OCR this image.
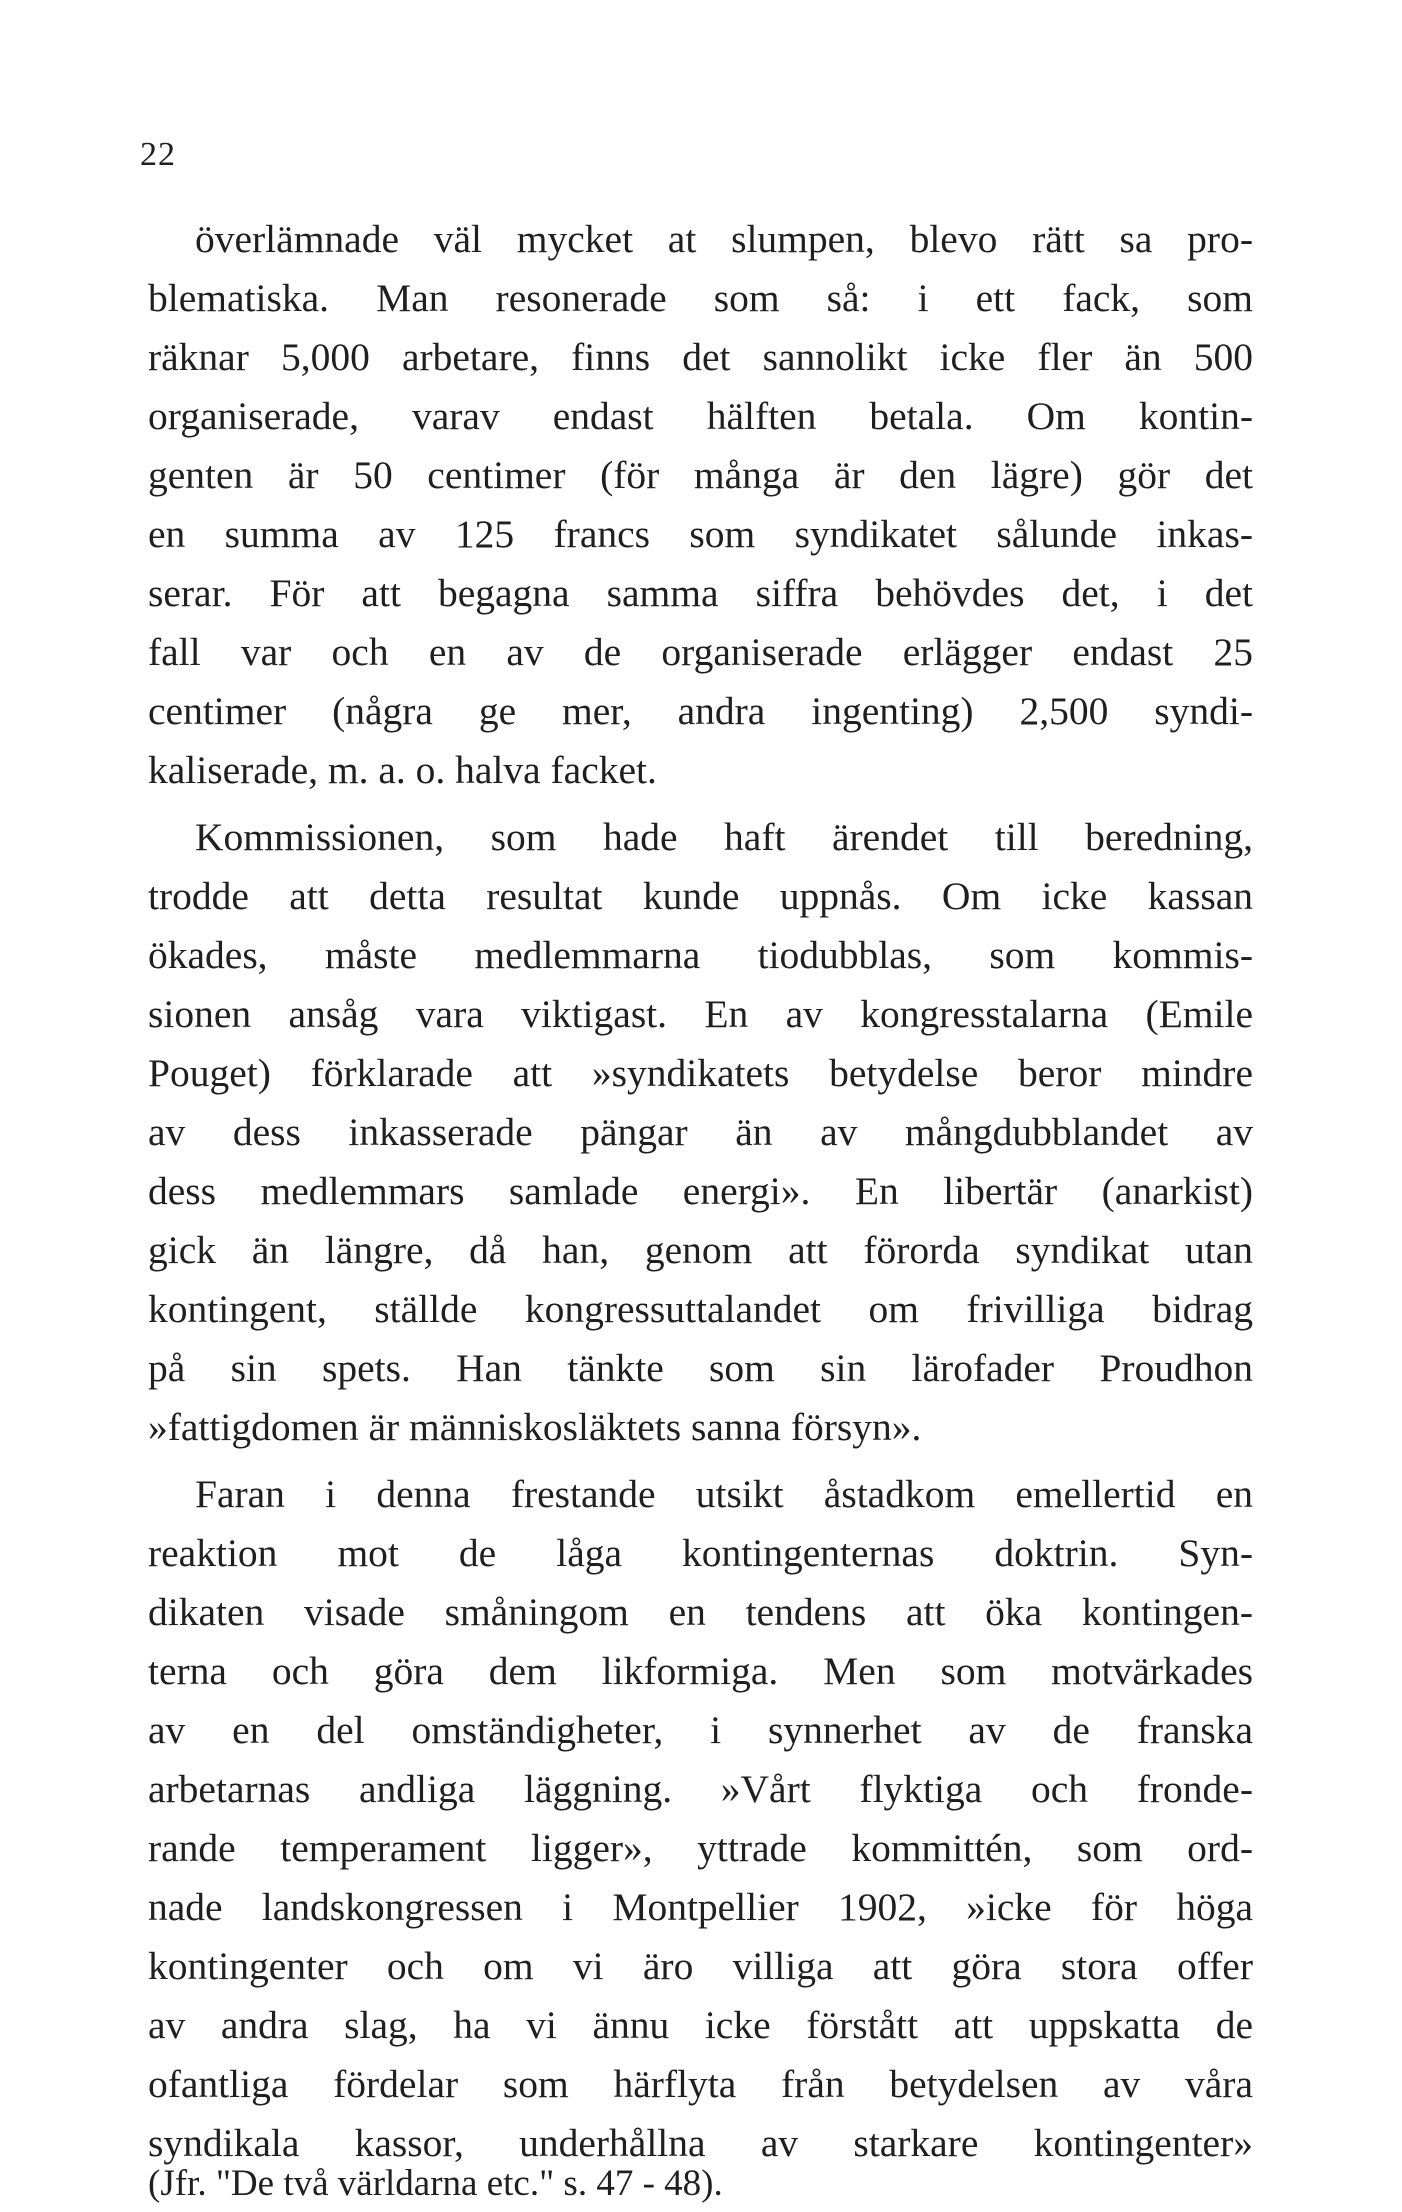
22
överlämnade väl mycket at slumpen, blevo rätt sa pro-
blematiska. Man resonerade som så: i ett fack, som
räknar 5,000 arbetare, finns det sannolikt icke fler än 500
organiserade, varav endast hälften betala. Om kontin-
genten är 50 centimer (för många är den lägre) gör det
en summa av 125 francs som syndikatet sålunde inkas-
serar. För att begagna samma siffra behövdes det, i det
fall var och en av de organiserade erlägger endast 25
centimer (några ge mer, andra ingenting) 2,500 syndi-
kaliserade, m. a. o. halva facket.
Kommissionen, som hade haft ärendet till beredning,
trodde att detta resultat kunde uppnås. Om icke kassan
ökades, måste medlemmarna tiodubblas, som kommis-
sionen ansåg vara viktigast. En av kongresstalarna (Emile
Pouget) förklarade att »syndikatets betydelse beror mindre
av dess inkasserade pängar än av mångdubblandet av
dess medlemmars samlade energi». En libertär (anarkist)
gick än längre, då han, genom att förorda syndikat utan
kontingent, ställde kongressuttalandet om frivilliga bidrag
på sin spets. Han tänkte som sin lärofader Proudhon
»fattigdomen är människosläktets sanna försyn».
Faran i denna frestande utsikt åstadkom emellertid en
reaktion mot de låga kontingenternas doktrin. Syn-
dikaten visade småningom en tendens att öka kontingen-
terna och göra dem likformiga. Men som motvärkades
av en del omständigheter, i synnerhet av de franska
arbetarnas andliga läggning. »Vårt flyktiga och fronde-
rande temperament ligger», yttrade kommittén, som ord-
nade landskongressen i Montpellier 1902, »icke för höga
kontingenter och om vi äro villiga att göra stora offer
av andra slag, ha vi ännu icke förstått att uppskatta de
ofantliga fördelar som härflyta från betydelsen av våra
syndikala kassor, underhållna av starkare kontingenter»
(Jfr. "De två världarna etc." s. 47 - 48).
